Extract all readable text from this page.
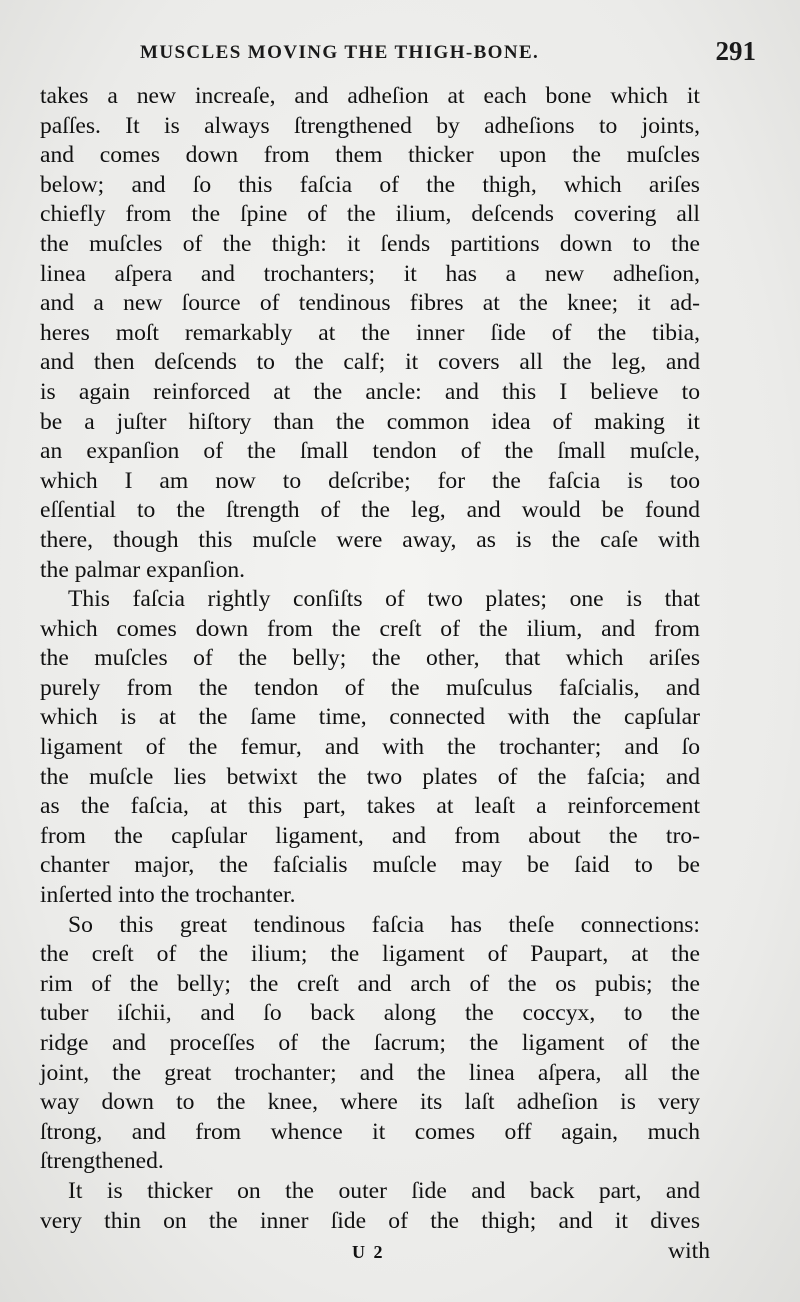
MUSCLES MOVING THE THIGH-BONE.	291
takes a new increaſe, and adheſion at each bone which it
paſſes. It is always ſtrengthened by adheſions to joints,
and comes down from them thicker upon the muſcles
below; and ſo this faſcia of the thigh, which ariſes
chiefly from the ſpine of the ilium, deſcends covering all
the muſcles of the thigh: it ſends partitions down to the
linea aſpera and trochanters; it has a new adheſion,
and a new ſource of tendinous fibres at the knee; it ad-
heres moſt remarkably at the inner ſide of the tibia,
and then deſcends to the calf; it covers all the leg, and
is again reinforced at the ancle: and this I believe to
be a juſter hiſtory than the common idea of making it
an expanſion of the ſmall tendon of the ſmall muſcle,
which I am now to deſcribe; for the faſcia is too
eſſential to the ſtrength of the leg, and would be found
there, though this muſcle were away, as is the caſe with
the palmar expanſion.
This faſcia rightly conſiſts of two plates; one is that
which comes down from the creſt of the ilium, and from
the muſcles of the belly; the other, that which ariſes
purely from the tendon of the muſculus faſcialis, and
which is at the ſame time, connected with the capſular
ligament of the femur, and with the trochanter; and ſo
the muſcle lies betwixt the two plates of the faſcia; and
as the faſcia, at this part, takes at leaſt a reinforcement
from the capſular ligament, and from about the tro-
chanter major, the faſcialis muſcle may be ſaid to be
inſerted into the trochanter.
So this great tendinous faſcia has theſe connections:
the creſt of the ilium; the ligament of Paupart, at the
rim of the belly; the creſt and arch of the os pubis; the
tuber iſchii, and ſo back along the coccyx, to the
ridge and proceſſes of the ſacrum; the ligament of the
joint, the great trochanter; and the linea aſpera, all the
way down to the knee, where its laſt adheſion is very
ſtrong, and from whence it comes off again, much
ſtrengthened.
It is thicker on the outer ſide and back part, and
very thin on the inner ſide of the thigh; and it dives
U 2	with
